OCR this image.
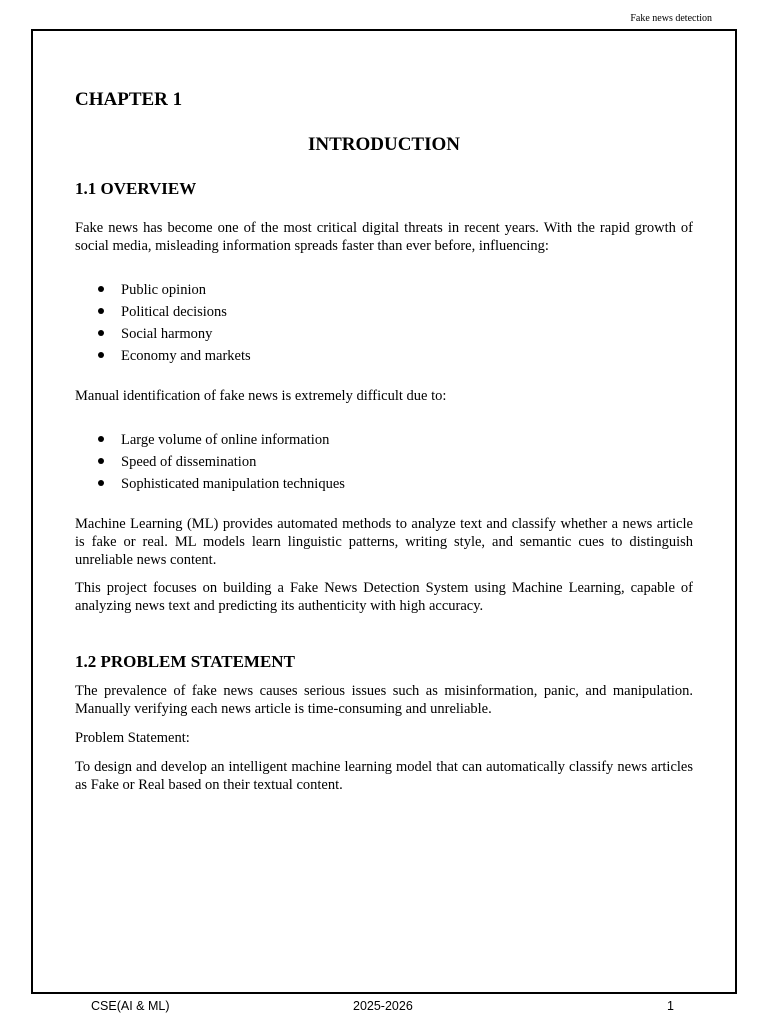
Fake news detection
CHAPTER 1
INTRODUCTION
1.1 OVERVIEW

Fake news has become one of the most critical digital threats in recent years. With the rapid growth of social media, misleading information spreads faster than ever before, influencing:

Public opinion
Political decisions
Social harmony
Economy and markets

Manual identification of fake news is extremely difficult due to:

Large volume of online information
Speed of dissemination
Sophisticated manipulation techniques

Machine Learning (ML) provides automated methods to analyze text and classify whether a news article is fake or real. ML models learn linguistic patterns, writing style, and semantic cues to distinguish unreliable news content.

This project focuses on building a Fake News Detection System using Machine Learning, capable of analyzing news text and predicting its authenticity with high accuracy.

1.2 PROBLEM STATEMENT

The prevalence of fake news causes serious issues such as misinformation, panic, and manipulation. Manually verifying each news article is time-consuming and unreliable.

Problem Statement:

To design and develop an intelligent machine learning model that can automatically classify news articles as Fake or Real based on their textual content.

CSE(AI & ML)	2025-2026	1
